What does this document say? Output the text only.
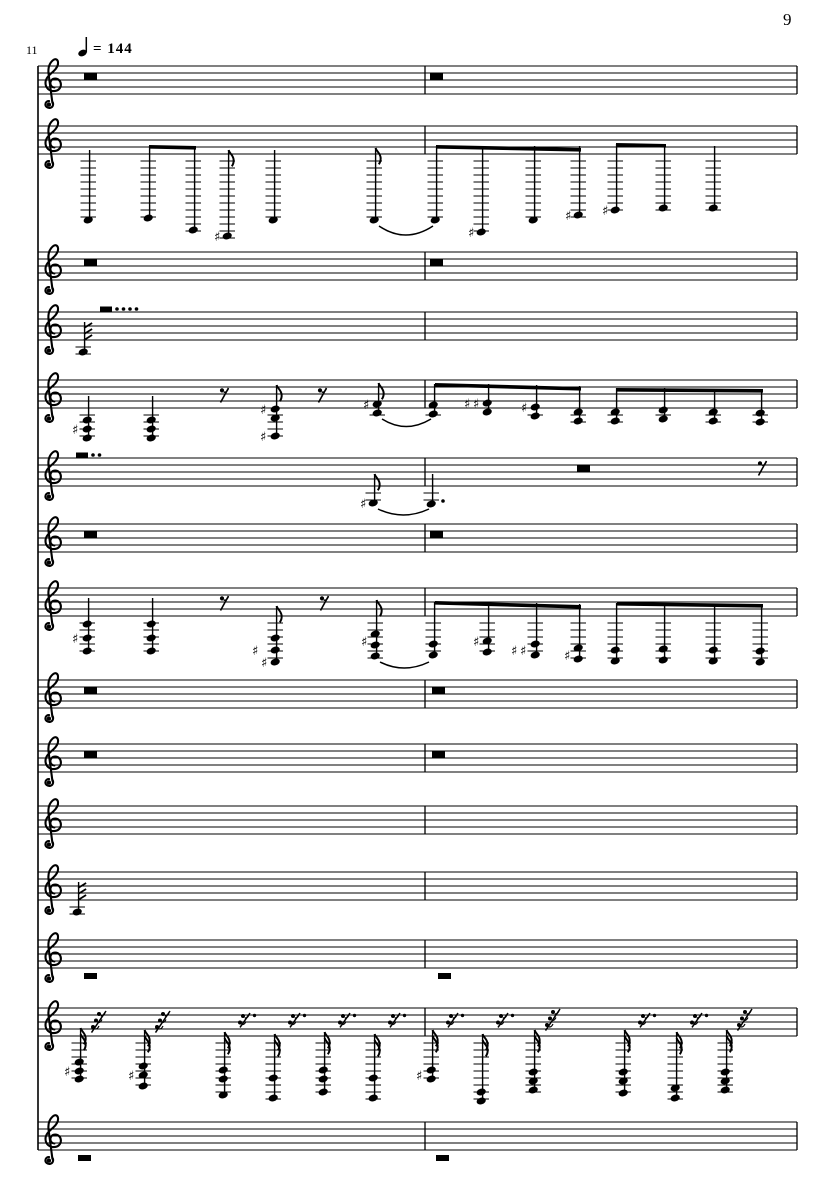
9
11	= 144
♯	♯
♯ ♯
♯
♯
♯
♯	♯ ♯	♯
♯
♯
♯
♯
♯	♯
♯ ♯	♯
♯	♯	♯
